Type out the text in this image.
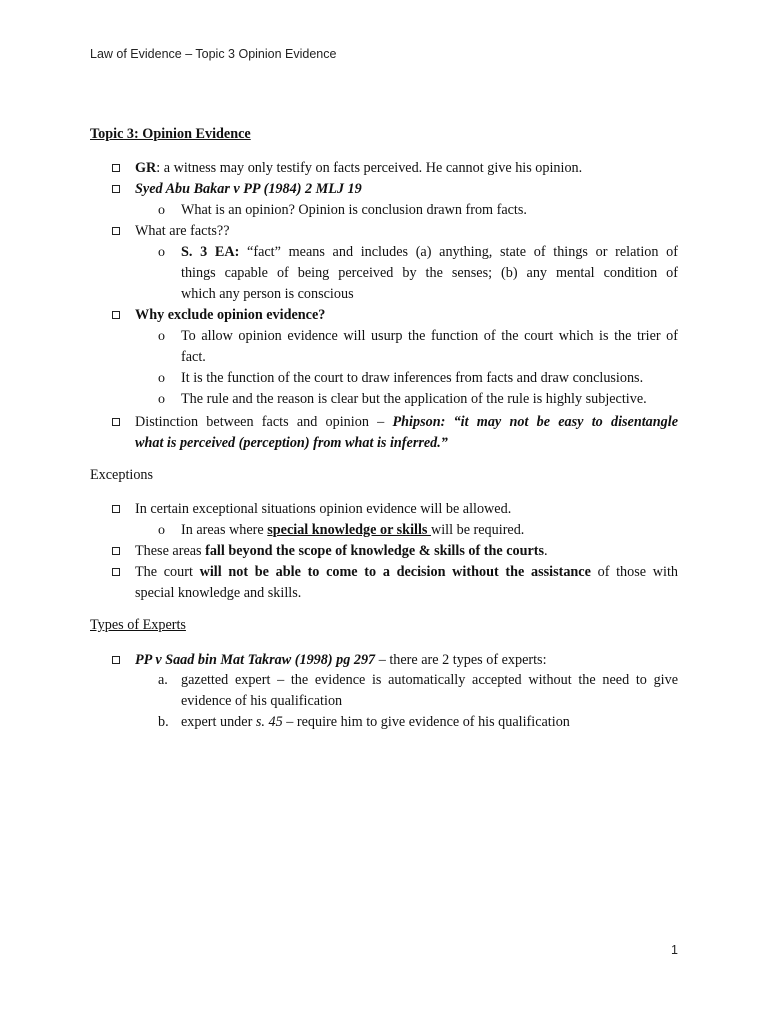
Law of Evidence – Topic 3 Opinion Evidence
Topic 3: Opinion Evidence
GR: a witness may only testify on facts perceived. He cannot give his opinion.
Syed Abu Bakar v PP (1984) 2 MLJ 19
o What is an opinion? Opinion is conclusion drawn from facts.
What are facts??
o S. 3 EA: “fact” means and includes (a) anything, state of things or relation of
things capable of being perceived by the senses; (b) any mental condition of
which any person is conscious
Why exclude opinion evidence?
o To allow opinion evidence will usurp the function of the court which is the trier of
fact.
o It is the function of the court to draw inferences from facts and draw conclusions.
o The rule and the reason is clear but the application of the rule is highly subjective.
Distinction between facts and opinion – Phipson: “it may not be easy to disentangle
what is perceived (perception) from what is inferred.”
Exceptions
In certain exceptional situations opinion evidence will be allowed.
o In areas where special knowledge or skills will be required.
These areas fall beyond the scope of knowledge & skills of the courts.
The court will not be able to come to a decision without the assistance of those with
special knowledge and skills.
Types of Experts
PP v Saad bin Mat Takraw (1998) pg 297 – there are 2 types of experts:
a. gazetted expert – the evidence is automatically accepted without the need to give
evidence of his qualification
b. expert under s. 45 – require him to give evidence of his qualification
1
